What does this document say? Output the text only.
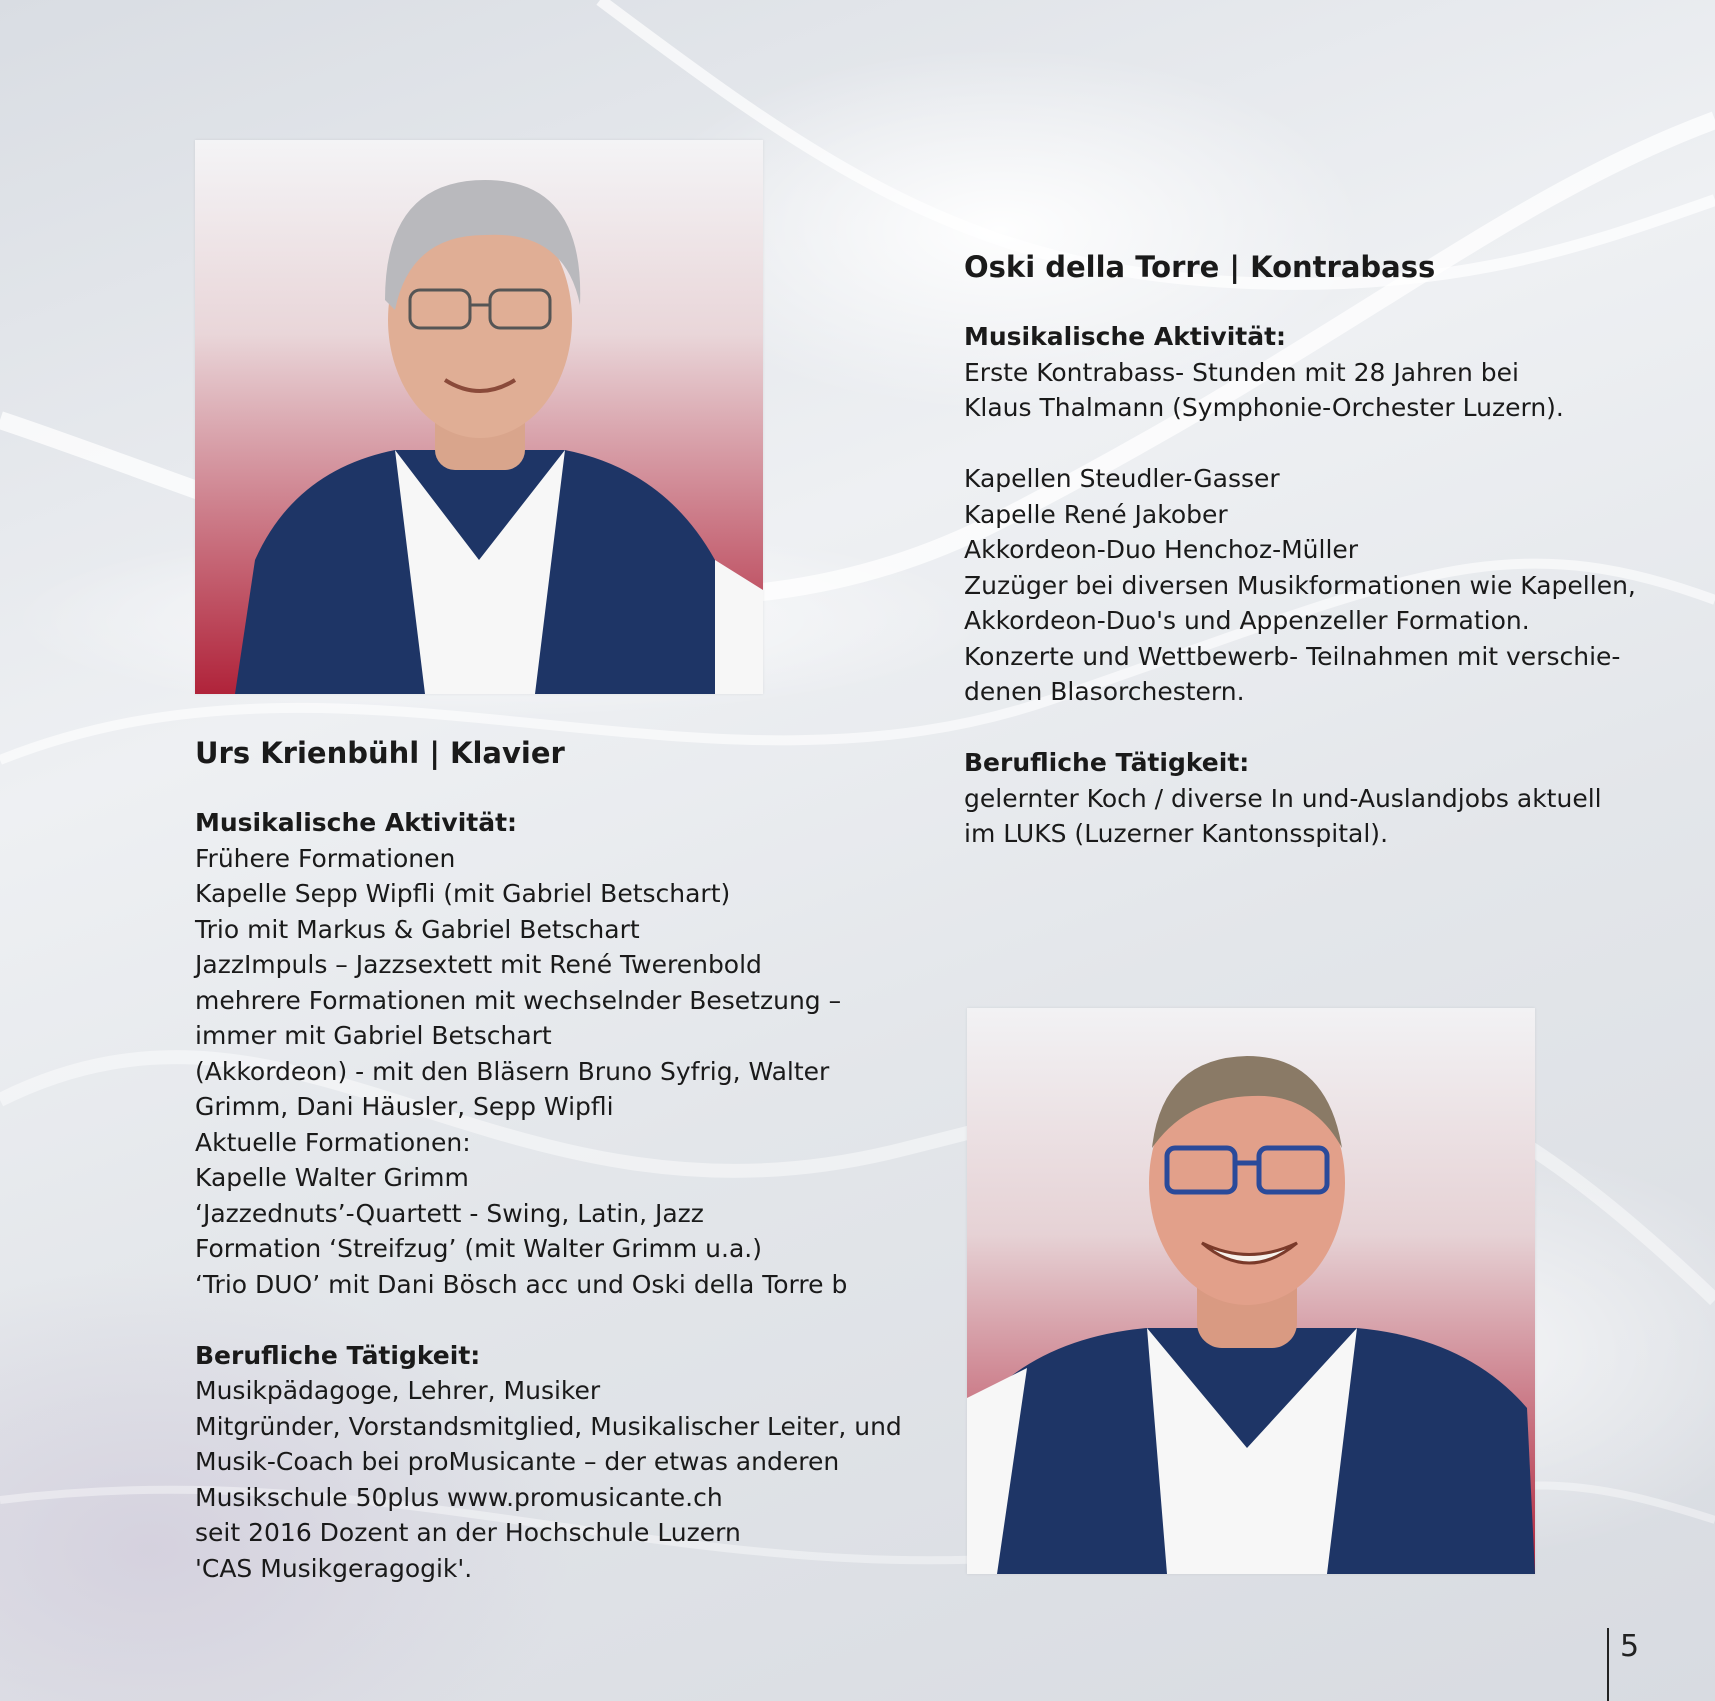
Urs Krienbühl | Klavier
Musikalische Aktivität:
Frühere Formationen
Kapelle Sepp Wipfli (mit Gabriel Betschart)
Trio mit Markus & Gabriel Betschart
JazzImpuls – Jazzsextett mit René Twerenbold
mehrere Formationen mit wechselnder Besetzung –
immer mit Gabriel Betschart
(Akkordeon) - mit den Bläsern Bruno Syfrig, Walter
Grimm, Dani Häusler, Sepp Wipfli
Aktuelle Formationen:
Kapelle Walter Grimm
‘Jazzednuts’-Quartett - Swing, Latin, Jazz
Formation ‘Streifzug’ (mit Walter Grimm u.a.)
‘Trio DUO’ mit Dani Bösch acc und Oski della Torre b
Berufliche Tätigkeit:
Musikpädagoge, Lehrer, Musiker
Mitgründer, Vorstandsmitglied, Musikalischer Leiter, und
Musik-Coach bei proMusicante – der etwas anderen
Musikschule 50plus www.promusicante.ch
seit 2016 Dozent an der Hochschule Luzern
'CAS Musikgeragogik'.
Oski della Torre | Kontrabass
Musikalische Aktivität:
Erste Kontrabass- Stunden mit 28 Jahren bei
Klaus Thalmann (Symphonie-Orchester Luzern).
Kapellen Steudler-Gasser
Kapelle René Jakober
Akkordeon-Duo Henchoz-Müller
Zuzüger bei diversen Musikformationen wie Kapellen,
Akkordeon-Duo's und Appenzeller Formation.
Konzerte und Wettbewerb- Teilnahmen mit verschie-
denen Blasorchestern.
Berufliche Tätigkeit:
gelernter Koch / diverse In und-Auslandjobs aktuell
im LUKS (Luzerner Kantonsspital).
5
